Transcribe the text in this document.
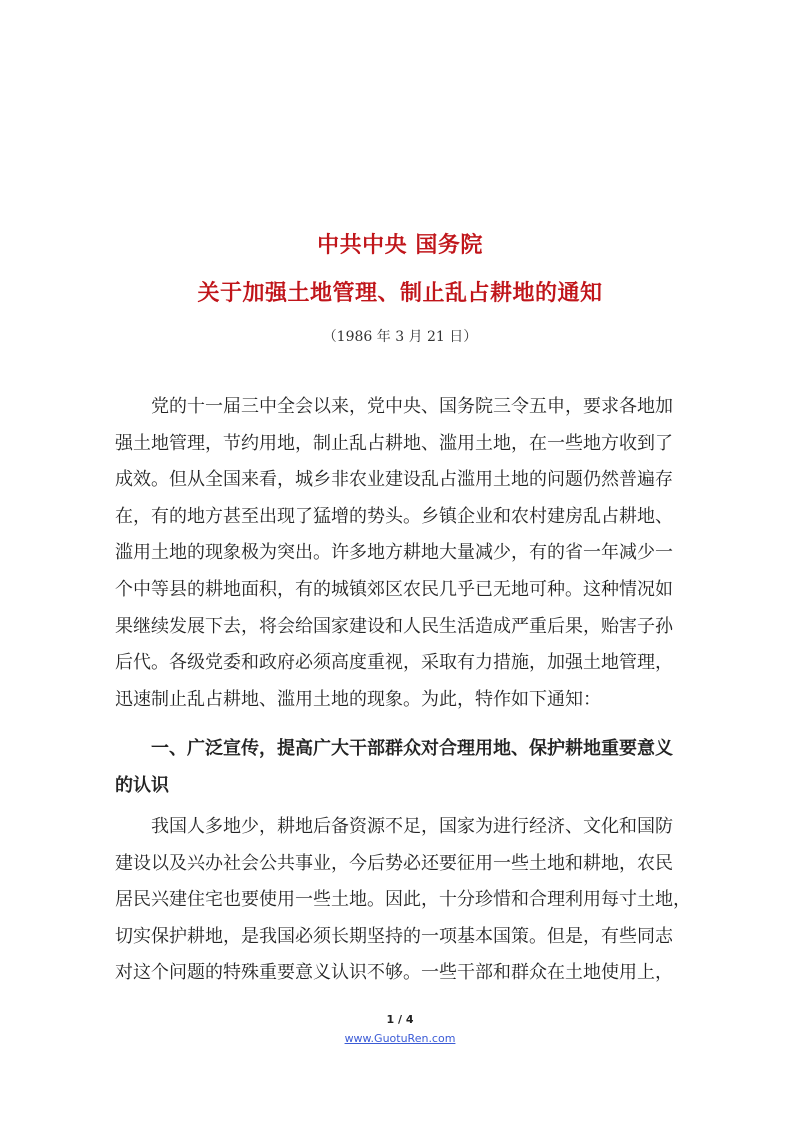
中共中央 国务院
关于加强土地管理、制止乱占耕地的通知
（1986 年 3 月 21 日）
党的十一届三中全会以来，党中央、国务院三令五申，要求各地加
强土地管理，节约用地，制止乱占耕地、滥用土地，在一些地方收到了
成效。但从全国来看，城乡非农业建设乱占滥用土地的问题仍然普遍存
在，有的地方甚至出现了猛增的势头。乡镇企业和农村建房乱占耕地、
滥用土地的现象极为突出。许多地方耕地大量减少，有的省一年减少一
个中等县的耕地面积，有的城镇郊区农民几乎已无地可种。这种情况如
果继续发展下去，将会给国家建设和人民生活造成严重后果，贻害子孙
后代。各级党委和政府必须高度重视，采取有力措施，加强土地管理，
迅速制止乱占耕地、滥用土地的现象。为此，特作如下通知：
一、广泛宣传，提高广大干部群众对合理用地、保护耕地重要意义
的认识
我国人多地少，耕地后备资源不足，国家为进行经济、文化和国防
建设以及兴办社会公共事业，今后势必还要征用一些土地和耕地，农民
居民兴建住宅也要使用一些土地。因此，十分珍惜和合理利用每寸土地，
切实保护耕地，是我国必须长期坚持的一项基本国策。但是，有些同志
对这个问题的特殊重要意义认识不够。一些干部和群众在土地使用上，
1 / 4
www.GuotuRen.com
